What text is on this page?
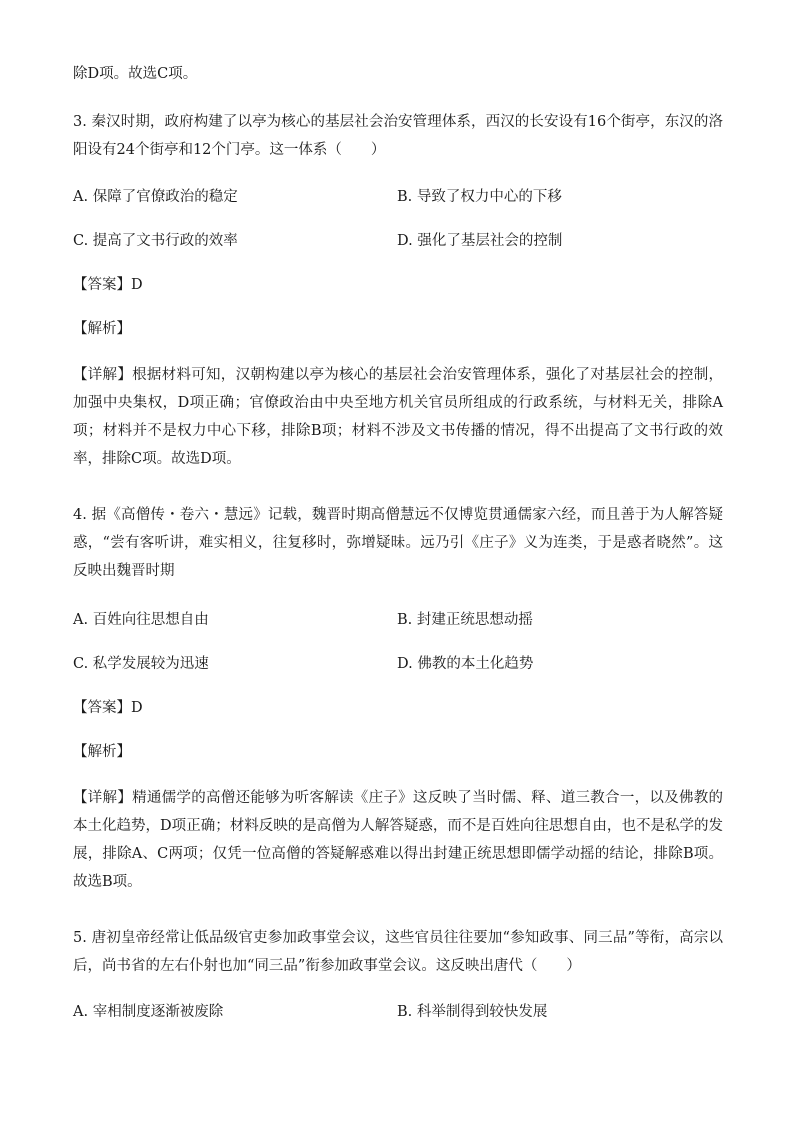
除D项。故选C项。
3. 秦汉时期，政府构建了以亭为核心的基层社会治安管理体系，西汉的长安设有16个街亭，东汉的洛阳设有24个街亭和12个门亭。这一体系（　　）
A. 保障了官僚政治的稳定	B. 导致了权力中心的下移
C. 提高了文书行政的效率	D. 强化了基层社会的控制
【答案】D
【解析】
【详解】根据材料可知，汉朝构建以亭为核心的基层社会治安管理体系，强化了对基层社会的控制，加强中央集权，D项正确；官僚政治由中央至地方机关官员所组成的行政系统，与材料无关，排除A项；材料并不是权力中心下移，排除B项；材料不涉及文书传播的情况，得不出提高了文书行政的效率，排除C项。故选D项。
4. 据《高僧传・卷六・慧远》记载，魏晋时期高僧慧远不仅博览贯通儒家六经，而且善于为人解答疑惑，“尝有客听讲，难实相义，往复移时，弥增疑昧。远乃引《庄子》义为连类，于是惑者晓然”。这反映出魏晋时期
A. 百姓向往思想自由	B. 封建正统思想动摇
C. 私学发展较为迅速	D. 佛教的本土化趋势
【答案】D
【解析】
【详解】精通儒学的高僧还能够为听客解读《庄子》这反映了当时儒、释、道三教合一，以及佛教的本土化趋势，D项正确；材料反映的是高僧为人解答疑惑，而不是百姓向往思想自由，也不是私学的发展，排除A、C两项；仅凭一位高僧的答疑解惑难以得出封建正统思想即儒学动摇的结论，排除B项。故选B项。
5. 唐初皇帝经常让低品级官吏参加政事堂会议，这些官员往往要加“参知政事、同三品”等衔，高宗以后，尚书省的左右仆射也加“同三品”衔参加政事堂会议。这反映出唐代（　　）
A. 宰相制度逐渐被废除	B. 科举制得到较快发展
